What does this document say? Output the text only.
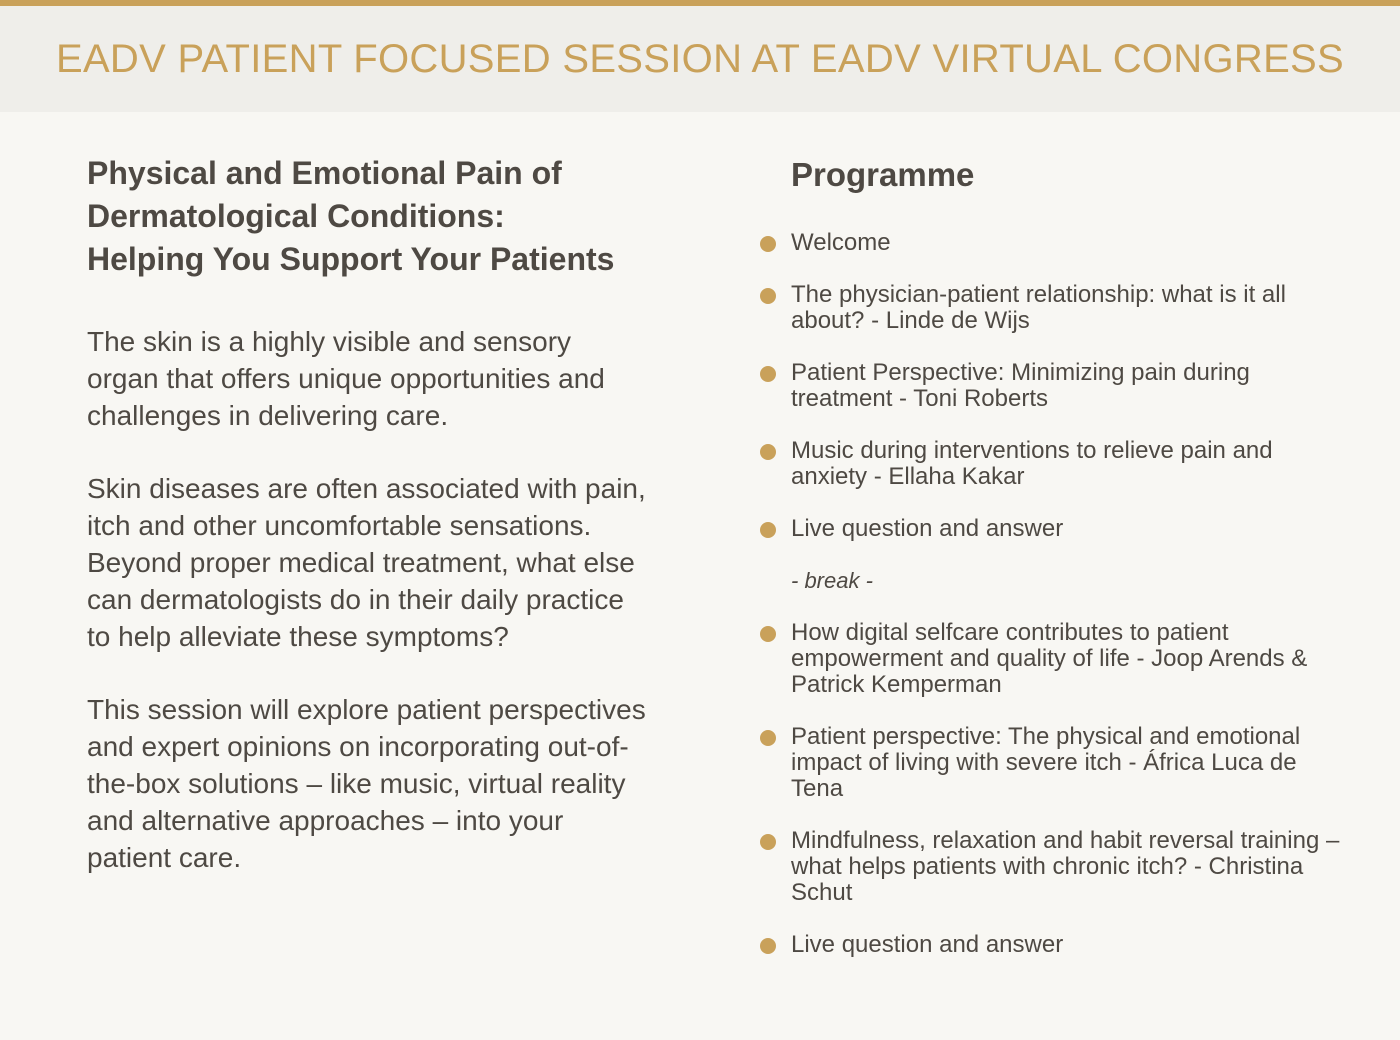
EADV PATIENT FOCUSED SESSION AT EADV VIRTUAL CONGRESS
Physical and Emotional Pain of
Dermatological Conditions:
Helping You Support Your Patients

The skin is a highly visible and sensory organ that offers unique opportunities and challenges in delivering care.

Skin diseases are often associated with pain, itch and other uncomfortable sensations.

Beyond proper medical treatment, what else can dermatologists do in their daily practice to help alleviate these symptoms?

This session will explore patient perspectives and expert opinions on incorporating out-of-the-box solutions – like music, virtual reality and alternative approaches – into your patient care.

Programme
Welcome
The physician-patient relationship: what is it all about? - Linde de Wijs
Patient Perspective: Minimizing pain during treatment - Toni Roberts
Music during interventions to relieve pain and anxiety - Ellaha Kakar
Live question and answer
- break -
How digital selfcare contributes to patient empowerment and quality of life - Joop Arends & Patrick Kemperman
Patient perspective: The physical and emotional impact of living with severe itch - África Luca de Tena
Mindfulness, relaxation and habit reversal training – what helps patients with chronic itch? - Christina Schut
Live question and answer
